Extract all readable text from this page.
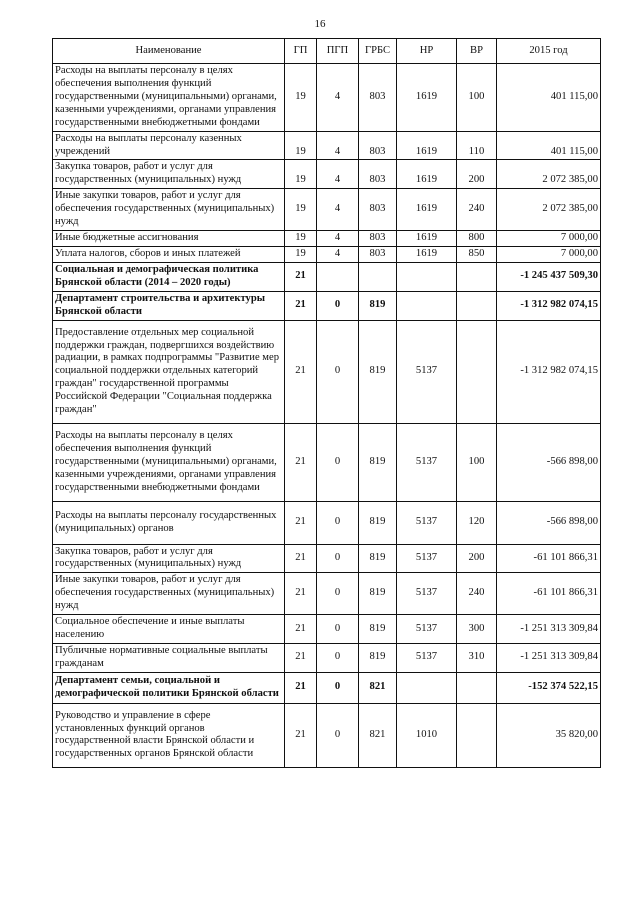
16
Наименование	ГП	ПГП	ГРБС	НР	ВР	2015 год
Расходы на выплаты персоналу в целях обеспечения выполнения функций государственными (муниципальными) органами, казенными учреждениями, органами управления государственными внебюджетными фондами	19	4	803	1619	100	401 115,00
Расходы на выплаты персоналу казенных учреждений	19	4	803	1619	110	401 115,00
Закупка товаров, работ и услуг для государственных (муниципальных) нужд	19	4	803	1619	200	2 072 385,00
Иные закупки товаров, работ и услуг для обеспечения государственных (муниципальных) нужд	19	4	803	1619	240	2 072 385,00
Иные бюджетные ассигнования	19	4	803	1619	800	7 000,00
Уплата налогов, сборов и иных платежей	19	4	803	1619	850	7 000,00
Социальная и демографическая политика Брянской области (2014 – 2020 годы)	21					-1 245 437 509,30
Департамент строительства и архитектуры Брянской области	21	0	819			-1 312 982 074,15
Предоставление отдельных мер социальной поддержки граждан, подвергшихся воздействию радиации, в рамках подпрограммы "Развитие мер социальной поддержки отдельных категорий граждан" государственной программы Российской Федерации "Социальная поддержка граждан"	21	0	819	5137		-1 312 982 074,15
Расходы на выплаты персоналу в целях обеспечения выполнения функций государственными (муниципальными) органами, казенными учреждениями, органами управления государственными внебюджетными фондами	21	0	819	5137	100	-566 898,00
Расходы на выплаты персоналу государственных (муниципальных) органов	21	0	819	5137	120	-566 898,00
Закупка товаров, работ и услуг для государственных (муниципальных) нужд	21	0	819	5137	200	-61 101 866,31
Иные закупки товаров, работ и услуг для обеспечения государственных (муниципальных) нужд	21	0	819	5137	240	-61 101 866,31
Социальное обеспечение и иные выплаты населению	21	0	819	5137	300	-1 251 313 309,84
Публичные нормативные социальные выплаты гражданам	21	0	819	5137	310	-1 251 313 309,84
Департамент семьи, социальной и демографической политики Брянской области	21	0	821			-152 374 522,15
Руководство и управление в сфере установленных функций органов государственной власти Брянской области и государственных органов Брянской области	21	0	821	1010		35 820,00
